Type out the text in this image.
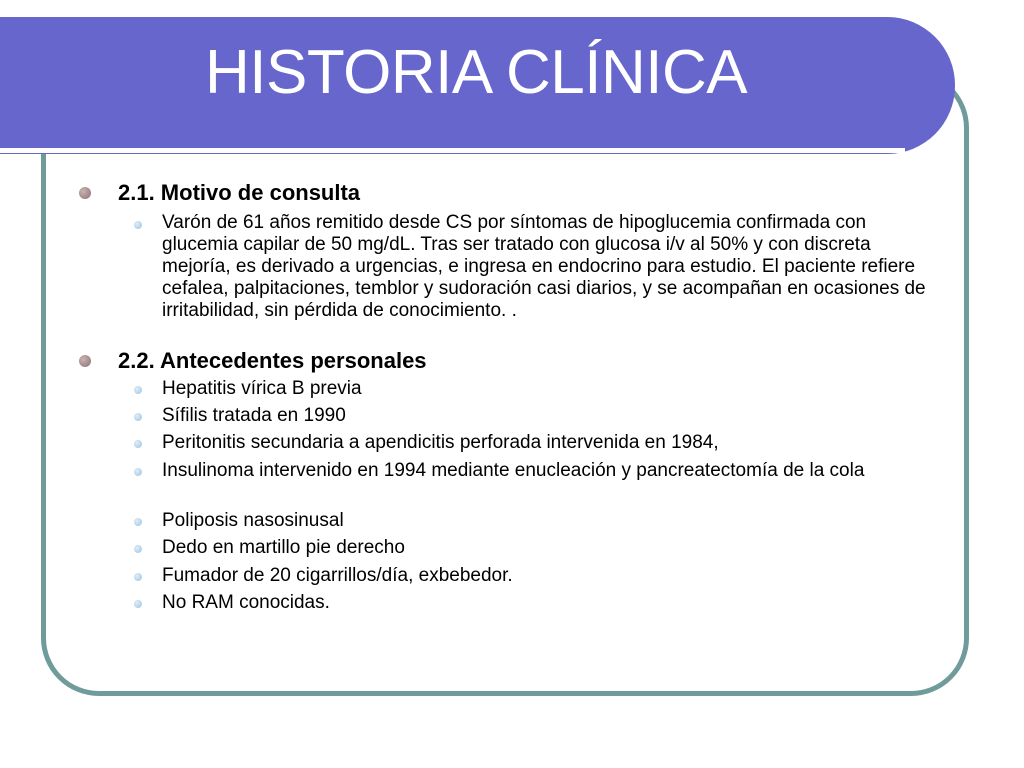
HISTORIA CLÍNICA
2.1. Motivo de consulta
Varón de 61 años remitido desde CS por síntomas de hipoglucemia confirmada con glucemia capilar de 50 mg/dL. Tras ser tratado con glucosa i/v al 50% y con discreta mejoría, es derivado a urgencias, e ingresa en endocrino para estudio. El paciente refiere cefalea, palpitaciones, temblor y sudoración casi diarios, y se acompañan en ocasiones de irritabilidad, sin pérdida de conocimiento. .
2.2. Antecedentes personales
Hepatitis vírica B previa
Sífilis tratada en 1990
Peritonitis secundaria a apendicitis perforada intervenida en 1984,
Insulinoma intervenido en 1994 mediante enucleación y pancreatectomía de la cola
Poliposis nasosinusal
Dedo en martillo pie derecho
Fumador de 20 cigarrillos/día, exbebedor.
No RAM conocidas.
